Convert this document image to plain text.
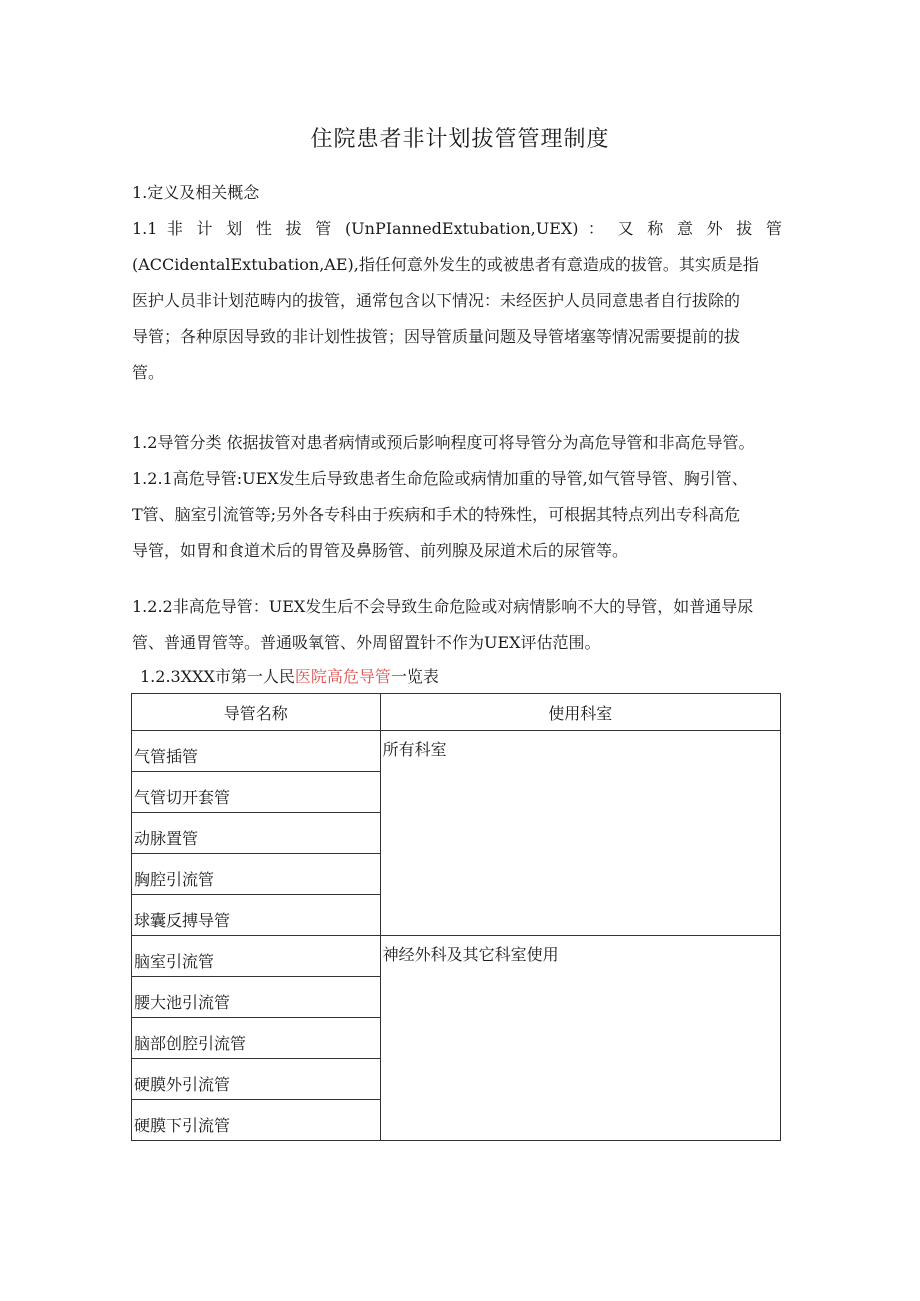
住院患者非计划拔管管理制度
1.定义及相关概念
1.1 非 计 划 性 拔 管 (UnPIannedExtubation,UEX) ： 又 称 意 外 拔 管
(ACCidentalExtubation,AE),指任何意外发生的或被患者有意造成的拔管。其实质是指
医护人员非计划范畴内的拔管，通常包含以下情况：未经医护人员同意患者自行拔除的
导管；各种原因导致的非计划性拔管；因导管质量问题及导管堵塞等情况需要提前的拔
管。
1.2导管分类 依据拔管对患者病情或预后影响程度可将导管分为高危导管和非高危导管。
1.2.1高危导管:UEX发生后导致患者生命危险或病情加重的导管,如气管导管、胸引管、
T管、脑室引流管等;另外各专科由于疾病和手术的特殊性，可根据其特点列出专科高危
导管，如胃和食道术后的胃管及鼻肠管、前列腺及尿道术后的尿管等。
1.2.2非高危导管：UEX发生后不会导致生命危险或对病情影响不大的导管，如普通导尿
管、普通胃管等。普通吸氧管、外周留置针不作为UEX评估范围。
1.2.3XXX市第一人民医院高危导管一览表
导管名称	使用科室
气管插管	所有科室
气管切开套管	
动脉置管	
胸腔引流管	
球囊反搏导管	
脑室引流管	神经外科及其它科室使用
腰大池引流管	
脑部创腔引流管	
硬膜外引流管	
硬膜下引流管	
